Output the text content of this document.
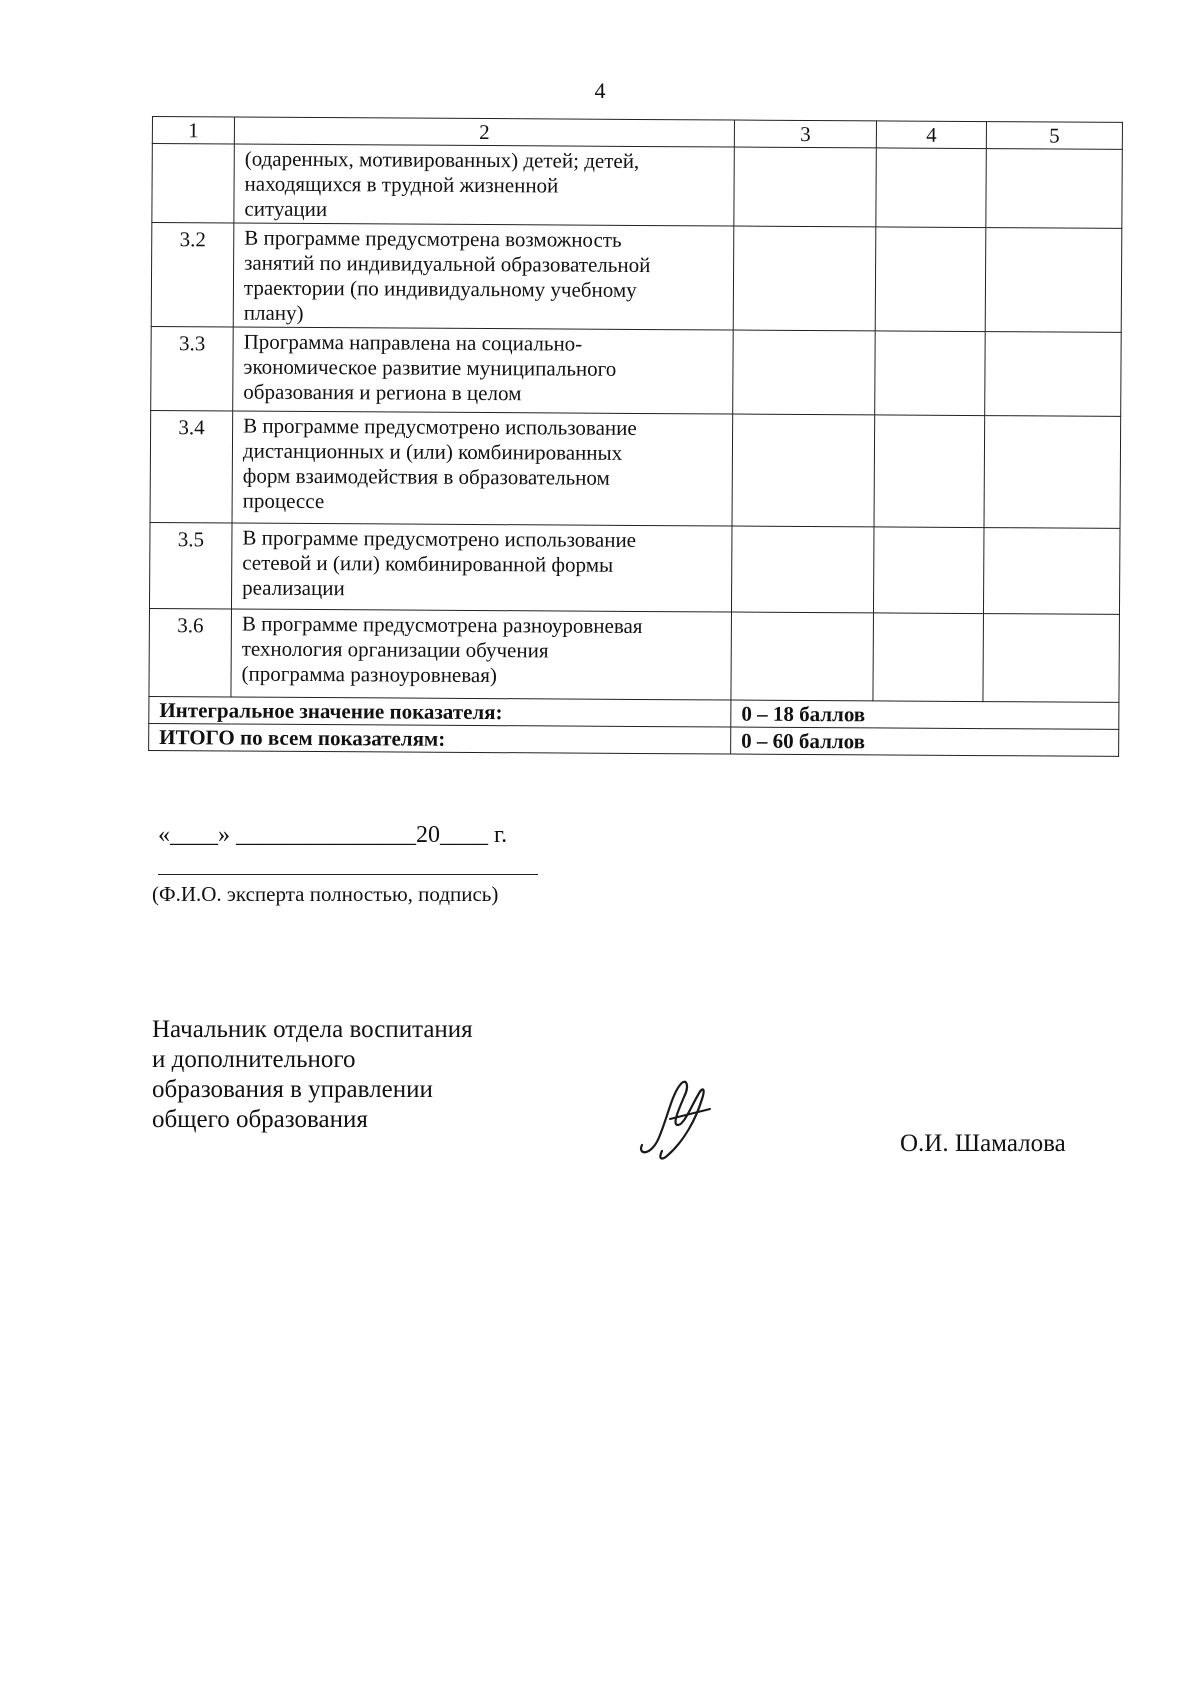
4
1	2	3	4	5

	(одаренных, мотивированных) детей; детей,
находящихся в трудной жизненной
ситуации			

3.2	В программе предусмотрена возможность
занятий по индивидуальной образовательной
траектории (по индивидуальному учебному
плану)			

3.3	Программа направлена на социально-
экономическое развитие муниципального
образования и региона в целом			

3.4	В программе предусмотрено использование
дистанционных и (или) комбинированных
форм взаимодействия в образовательном
процессе			

3.5	В программе предусмотрено использование
сетевой и (или) комбинированной формы
реализации			

3.6	В программе предусмотрена разноуровневая
технология организации обучения
(программа разноуровневая)			

Интегральное значение показателя:		0 – 18 баллов		
ИТОГО по всем показателям:		0 – 60 баллов		
«____» _______________20____ г.
(Ф.И.О. эксперта полностью, подпись)
Начальник отдела воспитания
и дополнительного
образования в управлении
общего образования
О.И. Шамалова
